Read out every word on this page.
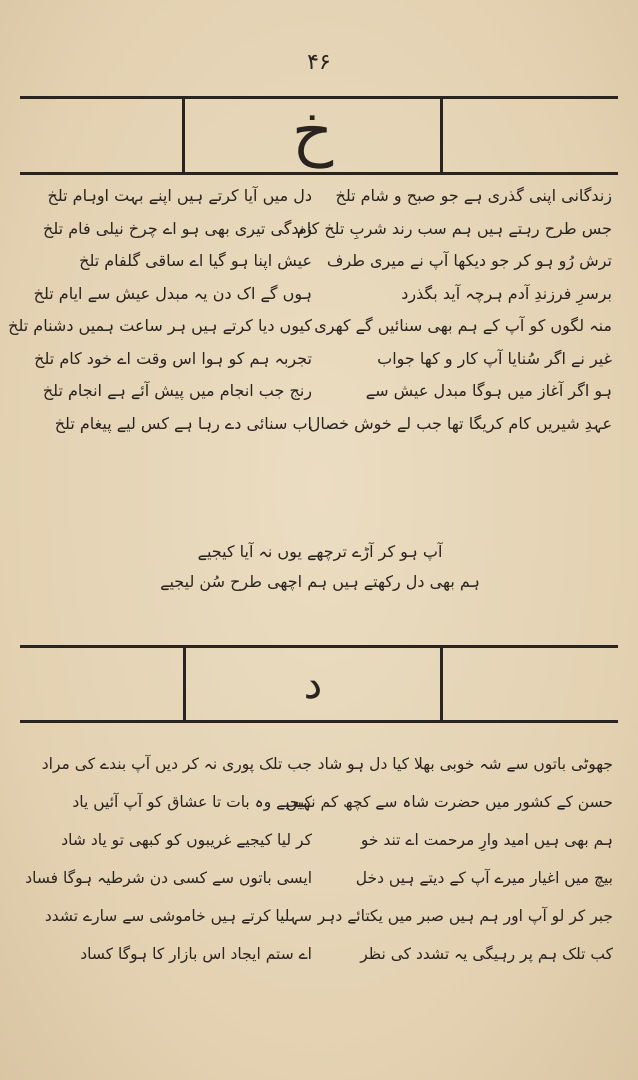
۴۶
خ
زندگانی اپنی گذری ہے جو صبح و شام تلخ
جس طرح رہتے ہیں ہم سب رند شربِ تلخ کام
ترش رُو ہو کر جو دیکھا آپ نے میری طرف
برسرِ فرزندِ آدم ہرچہ آید بگذرد
منہ لگوں کو آپ کے ہم بھی سنائیں گے کھری
غیر نے اگر سُنایا آپ کار و کھا جواب
ہو اگر آغاز میں ہوگا مبدل عیش سے
عہدِ شیریں کام کریگا تھا جب لے خوش خصال
دل میں آیا کرتے ہیں اپنے بہت اوہام تلخ
زندگی تیری بھی ہو اے چرخ نیلی فام تلخ
عیش اپنا ہو گیا اے ساقی گلفام تلخ
ہوں گے اک دن یہ مبدل عیش سے ایام تلخ
کیوں دیا کرتے ہیں ہر ساعت ہمیں دشنام تلخ
تجربہ ہم کو ہوا اس وقت اے خود کام تلخ
رنج جب انجام میں پیش آئے ہے انجام تلخ
اب سنائی دے رہا ہے کس لیے پیغام تلخ
آپ ہو کر آڑے ترچھے یوں نہ آیا کیجیے
ہم بھی دل رکھتے ہیں ہم اچھی طرح سُن لیجیے
د
جھوٹی باتوں سے شہ خوبی بھلا کیا دل ہو شاد
حسن کے کشور میں حضرت شاہ سے کچھ کم نہیں
ہم بھی ہیں امید وارِ مرحمت اے تند خو
بیچ میں اغیار میرے آپ کے دیتے ہیں دخل
جبر کر لو آپ اور ہم ہیں صبر میں یکتائے دہر
کب تلک ہم پر رہیگی یہ تشدد کی نظر
جب تلک پوری نہ کر دیں آپ بندے کی مراد
کیجیے وہ بات تا عشاق کو آپ آئیں یاد
کر لیا کیجیے غریبوں کو کبھی تو یاد شاد
ایسی باتوں سے کسی دن شرطیہ ہوگا فساد
سہلیا کرتے ہیں خاموشی سے سارے تشدد
اے ستم ایجاد اس بازار کا ہوگا کساد
